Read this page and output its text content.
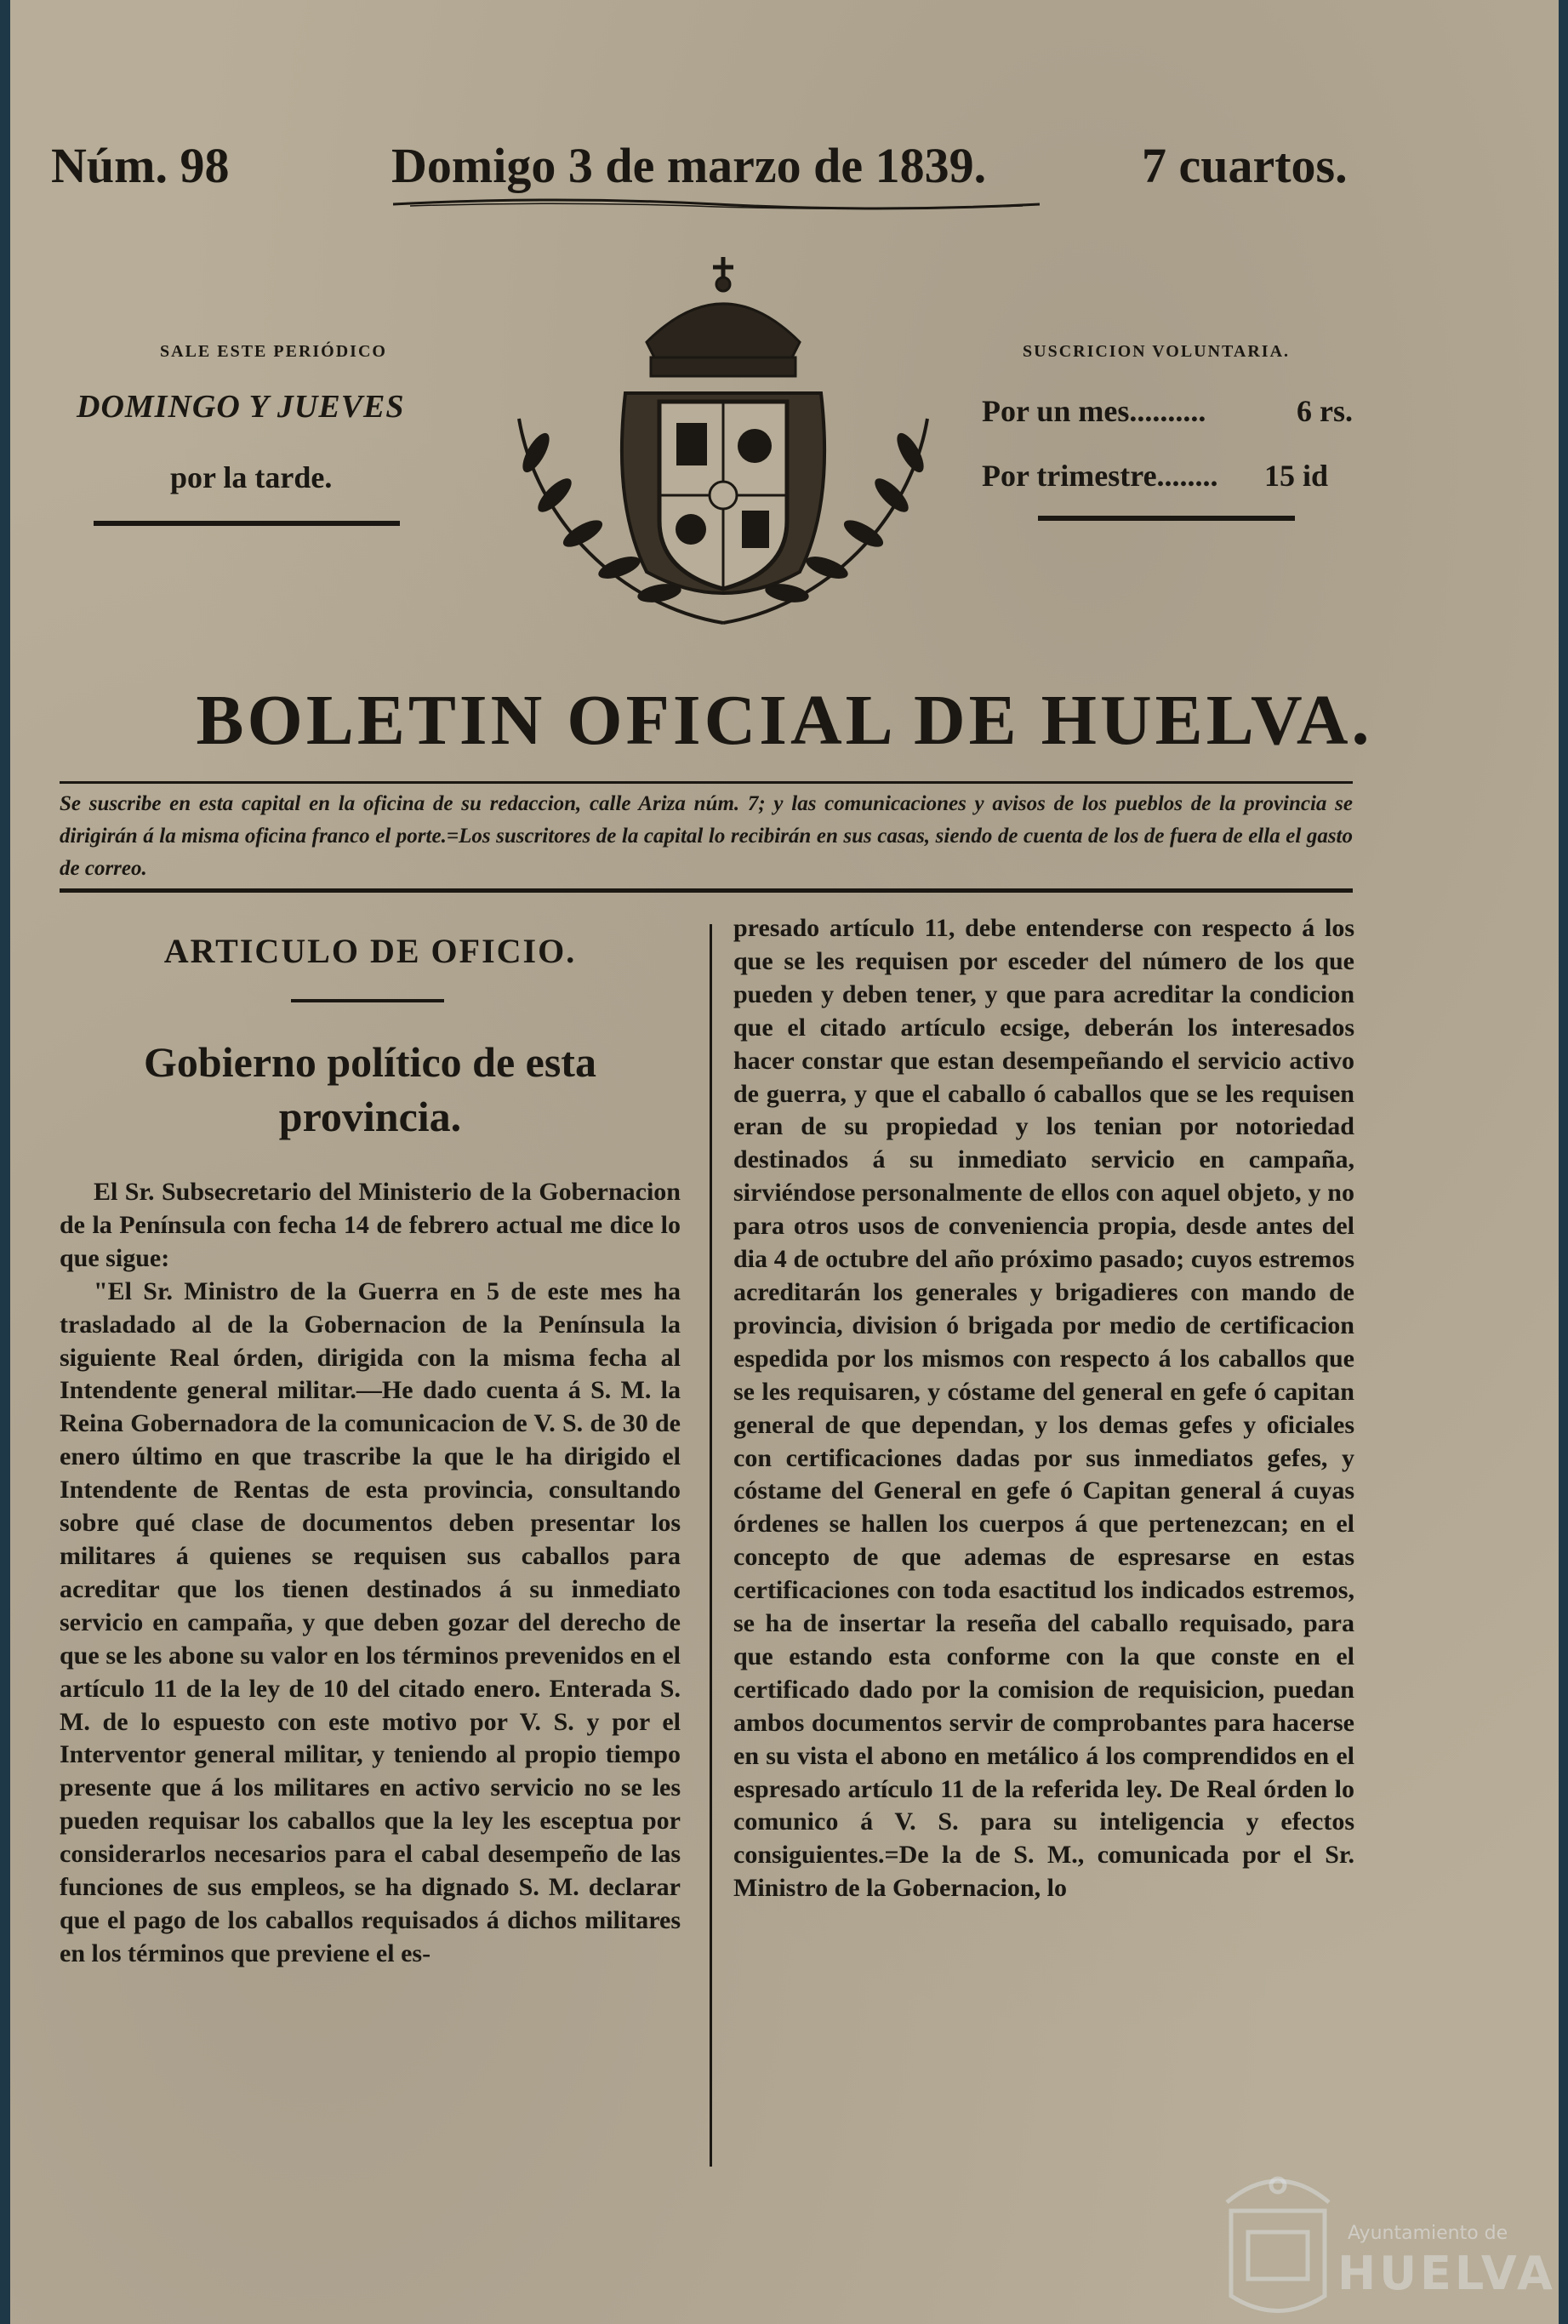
Núm. 98	Domigo 3 de marzo de 1839.	7 cuartos.
SALE ESTE PERIÓDICO
DOMINGO Y JUEVES
por la tarde.
SUSCRICION VOLUNTARIA.
Por un mes..........	6 rs.
Por trimestre........ 15 id
BOLETIN OFICIAL DE HUELVA.
Se suscribe en esta capital en la oficina de su redaccion, calle Ariza núm. 7; y las comunicaciones y avisos de los pueblos de la provincia se dirigirán á la misma oficina franco el porte.=Los suscritores de la capital lo recibirán en sus casas, siendo de cuenta de los de fuera de ella el gasto de correo.
ARTICULO DE OFICIO.
Gobierno político de esta provincia.

El Sr. Subsecretario del Ministerio de la Gobernacion de la Península con fecha 14 de febrero actual me dice lo que sigue:

"El Sr. Ministro de la Guerra en 5 de este mes ha trasladado al de la Gobernacion de la Península la siguiente Real órden, dirigida con la misma fecha al Intendente general militar.—He dado cuenta á S. M. la Reina Gobernadora de la comunicacion de V. S. de 30 de enero último en que trascribe la que le ha dirigido el Intendente de Rentas de esta provincia, consultando sobre qué clase de documentos deben presentar los militares á quienes se requisen sus caballos para acreditar que los tienen destinados á su inmediato servicio en campaña, y que deben gozar del derecho de que se les abone su valor en los términos prevenidos en el artículo 11 de la ley de 10 del citado enero. Enterada S. M. de lo espuesto con este motivo por V. S. y por el Interventor general militar, y teniendo al propio tiempo presente que á los militares en activo servicio no se les pueden requisar los caballos que la ley les esceptua por considerarlos necesarios para el cabal desempeño de las funciones de sus empleos, se ha dignado S. M. declarar que el pago de los caballos requisados á dichos militares en los términos que previene el es-

presado artículo 11, debe entenderse con respecto á los que se les requisen por esceder del número de los que pueden y deben tener, y que para acreditar la condicion que el citado artículo ecsige, deberán los interesados hacer constar que estan desempeñando el servicio activo de guerra, y que el caballo ó caballos que se les requisen eran de su propiedad y los tenian por notoriedad destinados á su inmediato servicio en campaña, sirviéndose personalmente de ellos con aquel objeto, y no para otros usos de conveniencia propia, desde antes del dia 4 de octubre del año próximo pasado; cuyos estremos acreditarán los generales y brigadieres con mando de provincia, division ó brigada por medio de certificacion espedida por los mismos con respecto á los caballos que se les requisaren, y cóstame del general en gefe ó capitan general de que dependan, y los demas gefes y oficiales con certificaciones dadas por sus inmediatos gefes, y cóstame del General en gefe ó Capitan general á cuyas órdenes se hallen los cuerpos á que pertenezcan; en el concepto de que ademas de espresarse en estas certificaciones con toda esactitud los indicados estremos, se ha de insertar la reseña del caballo requisado, para que estando esta conforme con la que conste en el certificado dado por la comision de requisicion, puedan ambos documentos servir de comprobantes para hacerse en su vista el abono en metálico á los comprendidos en el espresado artículo 11 de la referida ley. De Real órden lo comunico á V. S. para su inteligencia y efectos consiguientes.=De la de S. M., comunicada por el Sr. Ministro de la Gobernacion, lo

Ayuntamiento de
HUELVA
